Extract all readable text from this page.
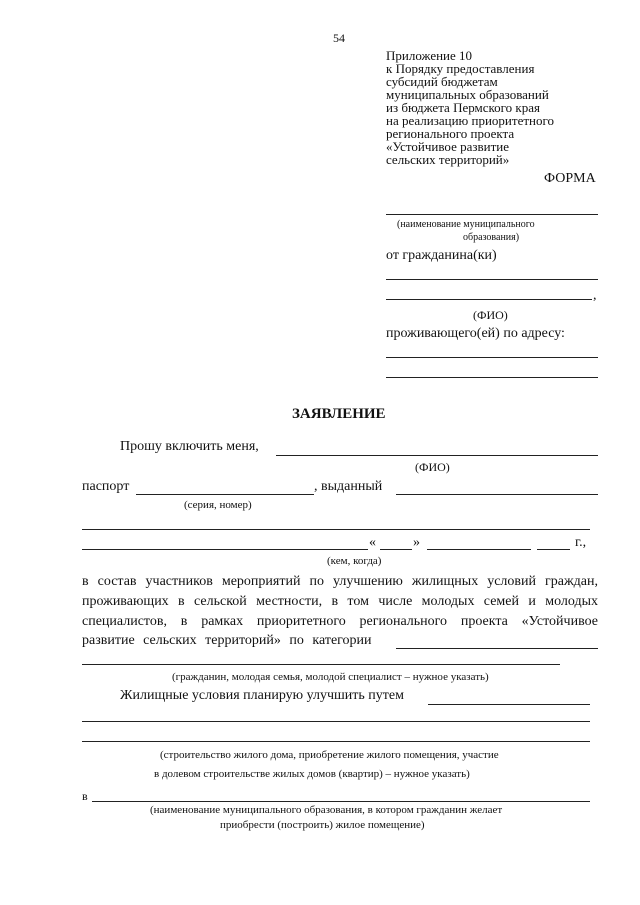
54
Приложение 10
к Порядку предоставления
субсидий бюджетам
муниципальных образований
из бюджета Пермского края
на реализацию приоритетного
регионального проекта
«Устойчивое развитие
сельских территорий»
ФОРМА
(наименование муниципального
образования)
от гражданина(ки)
,
(ФИО)
проживающего(ей) по адресу:
ЗАЯВЛЕНИЕ
Прошу включить меня,
(ФИО)
паспорт	, выданный
(серия, номер)
«	»	г.,
(кем, когда)
в состав участников мероприятий по улучшению жилищных условий граждан,
проживающих в сельской местности, в том числе молодых семей и молодых
специалистов, в рамках приоритетного регионального проекта «Устойчивое
развитие сельских территорий» по категории
(гражданин, молодая семья, молодой специалист – нужное указать)
Жилищные условия планирую улучшить путем
(строительство жилого дома, приобретение жилого помещения, участие
в долевом строительстве жилых домов (квартир) – нужное указать)
в
(наименование муниципального образования, в котором гражданин желает
приобрести (построить) жилое помещение)
